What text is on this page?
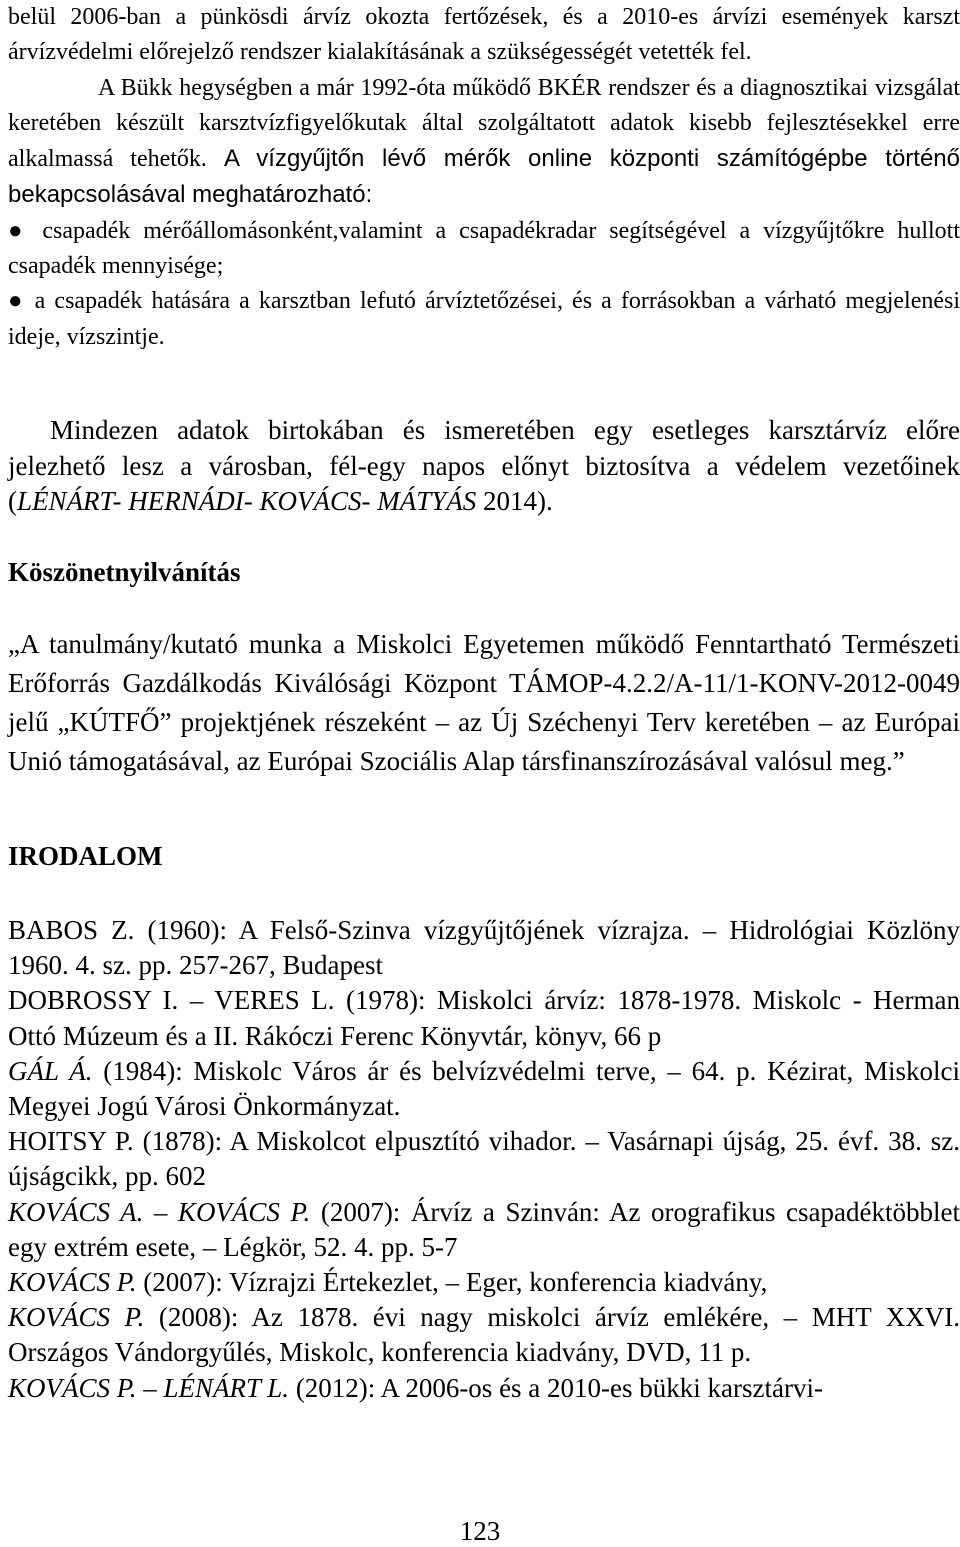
belül 2006-ban a pünkösdi árvíz okozta fertőzések, és a 2010-es árvízi események karszt árvízvédelmi előrejelző rendszer kialakításának a szükségességét vetették fel.
A Bükk hegységben a már 1992-óta működő BKÉR rendszer és a diagnosztikai vizsgálat keretében készült karsztvízfigyelőkutak által szolgáltatott adatok kisebb fejlesztésekkel erre alkalmassá tehetők. A vízgyűjtőn lévő mérők online központi számítógépbe történő bekapcsolásával meghatározható:
● csapadék mérőállomásonként,valamint a csapadékradar segítségével a vízgyűjtőkre hullott csapadék mennyisége;
● a csapadék hatására a karsztban lefutó árvíztetőzései, és a forrásokban a várható megjelenési ideje, vízszintje.

Mindezen adatok birtokában és ismeretében egy esetleges karsztárvíz előre jelezhető lesz a városban, fél-egy napos előnyt biztosítva a védelem vezetőinek (LÉNÁRT- HERNÁDI- KOVÁCS- MÁTYÁS 2014).

Köszönetnyilvánítás

„A tanulmány/kutató munka a Miskolci Egyetemen működő Fenntartható Természeti Erőforrás Gazdálkodás Kiválósági Központ TÁMOP-4.2.2/A-11/1-KONV-2012-0049 jelű „KÚTFŐ” projektjének részeként – az Új Széchenyi Terv keretében – az Európai Unió támogatásával, az Európai Szociális Alap társfinanszírozásával valósul meg.”

IRODALOM
BABOS Z. (1960): A Felső-Szinva vízgyűjtőjének vízrajza. – Hidrológiai Közlöny 1960. 4. sz. pp. 257-267, Budapest
DOBROSSY I. – VERES L. (1978): Miskolci árvíz: 1878-1978. Miskolc - Herman Ottó Múzeum és a II. Rákóczi Ferenc Könyvtár, könyv, 66 p
GÁL Á. (1984): Miskolc Város ár és belvízvédelmi terve, – 64. p. Kézirat, Miskolci Megyei Jogú Városi Önkormányzat.
HOITSY P. (1878): A Miskolcot elpusztító vihador. – Vasárnapi újság, 25. évf. 38. sz. újságcikk, pp. 602
KOVÁCS A. – KOVÁCS P. (2007): Árvíz a Szinván: Az orografikus csapadéktöbblet egy extrém esete, – Légkör, 52. 4. pp. 5-7
KOVÁCS P. (2007): Vízrajzi Értekezlet, – Eger, konferencia kiadvány,
KOVÁCS P. (2008): Az 1878. évi nagy miskolci árvíz emlékére, – MHT XXVI. Országos Vándorgyűlés, Miskolc, konferencia kiadvány, DVD, 11 p.
KOVÁCS P. – LÉNÁRT L. (2012): A 2006-os és a 2010-es bükki karsztárvi-
123
